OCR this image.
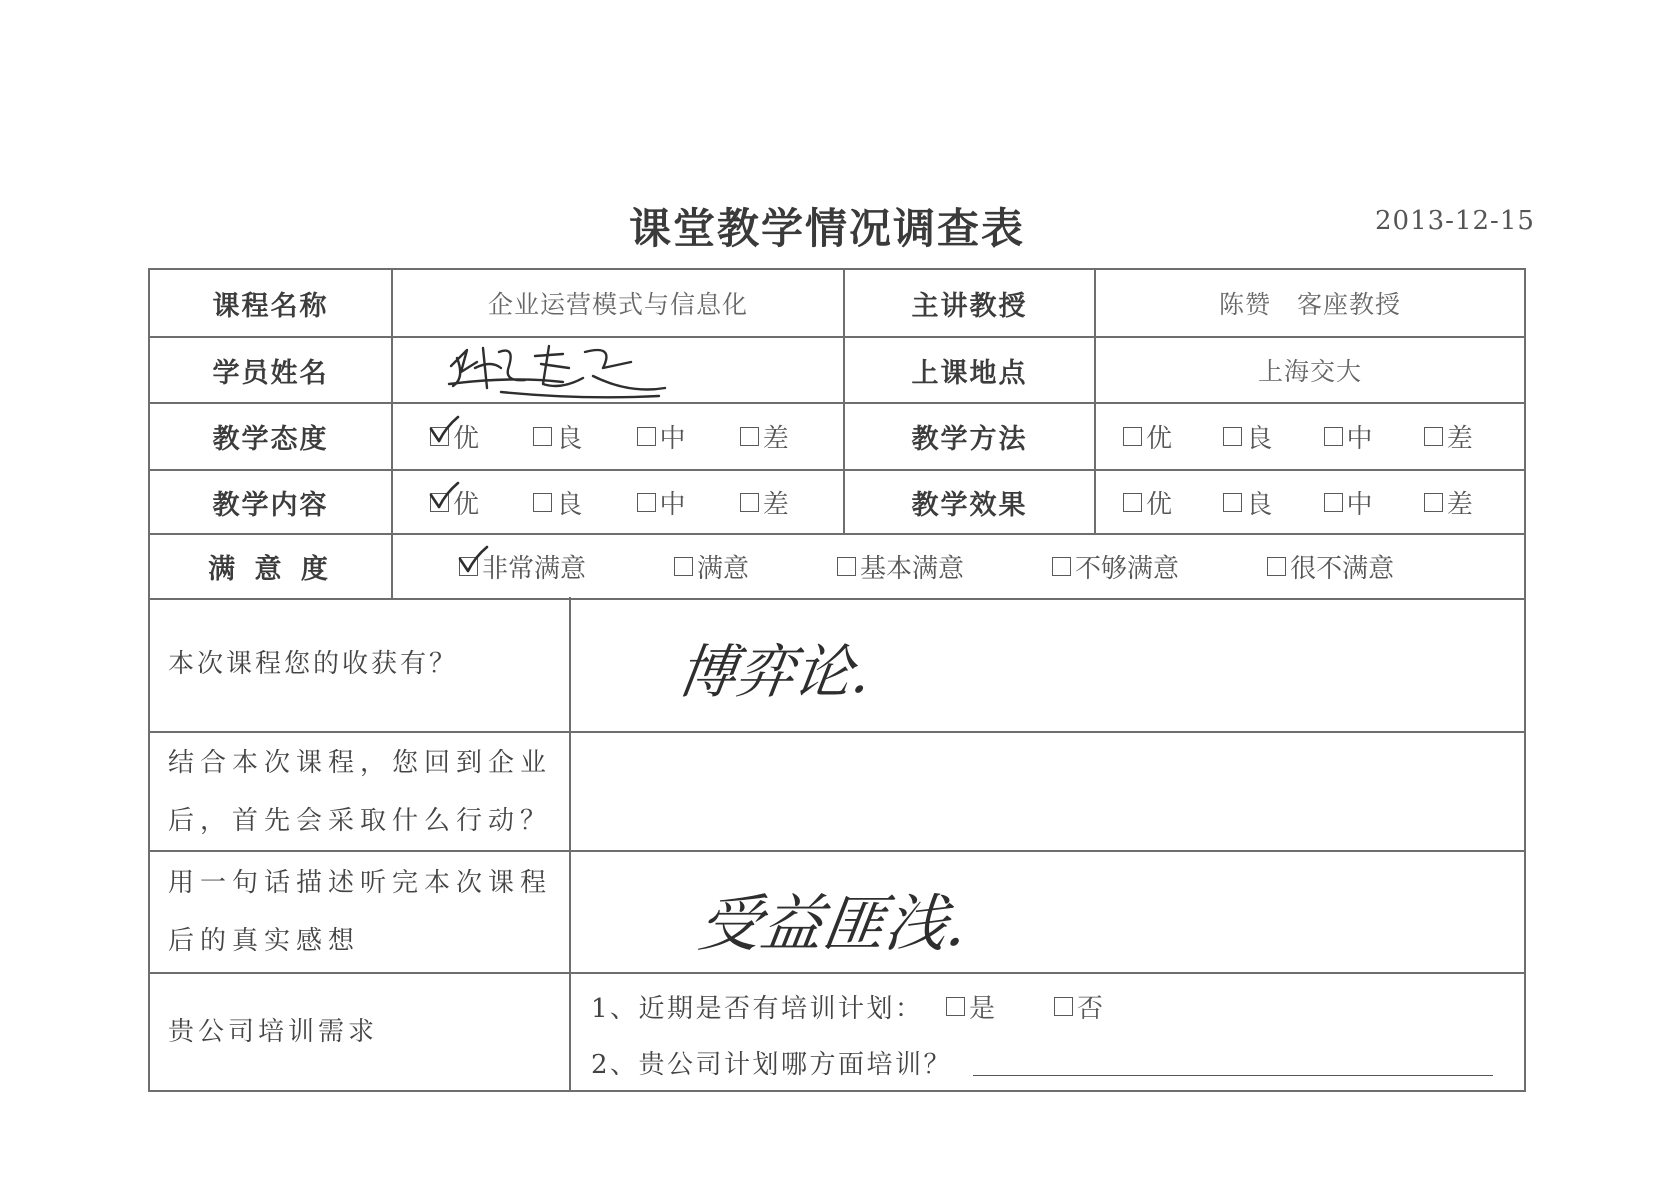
课堂教学情况调查表	2013-12-15
课程名称	企业运营模式与信息化	主讲教授	陈赞　客座教授
学员姓名		上课地点	上海交大
教学态度	优 良 中 差	教学方法	优 良 中 差

教学内容	优 良 中 差	教学效果	优 良 中 差

满 意 度	非常满意 满意 基本满意 不够满意 很不满意		
本次课程您的收获有？	博弈论.

结合本次课程，您回到企业
后，首先会采取什么行动？	

用一句话描述听完本次课程
后的真实感想	受益匪浅.

贵公司培训需求	1、近期是否有培训计划： 是 否
2、贵公司计划哪方面培训？
